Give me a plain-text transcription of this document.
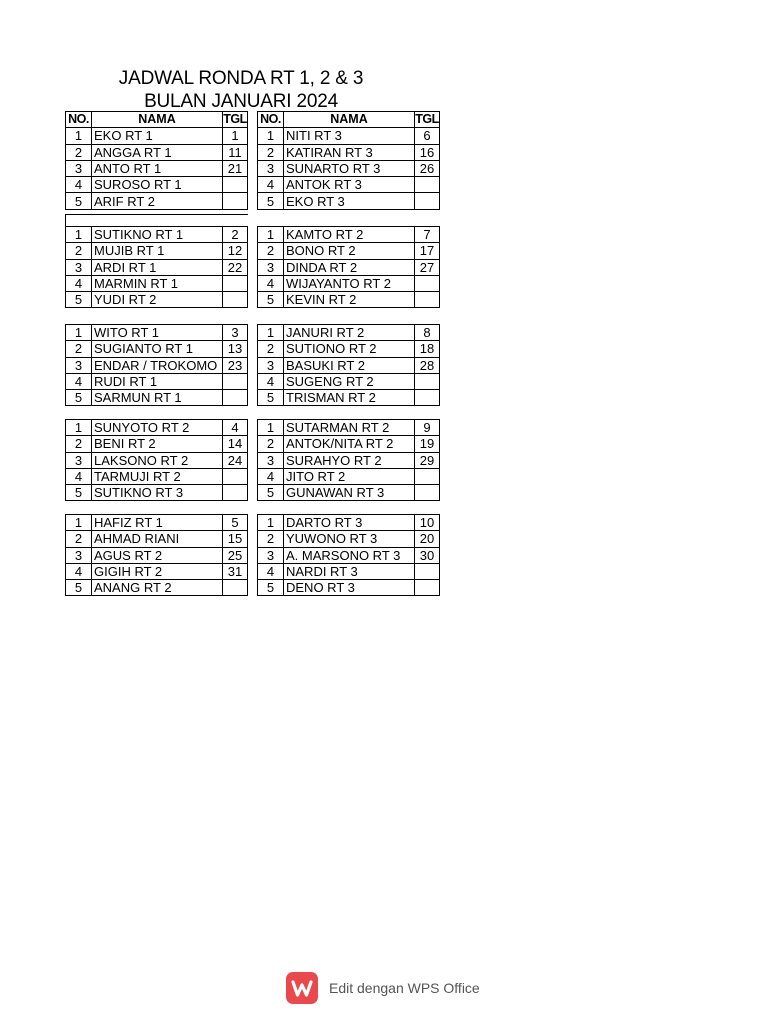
JADWAL RONDA RT 1, 2 & 3
BULAN JANUARI 2024
NO.	NAMA	TGL
1	EKO RT 1	1
2	ANGGA RT 1	11
3	ANTO RT 1	21
4	SUROSO RT 1	
5	ARIF RT 2	
NO.	NAMA	TGL
1	NITI RT 3	6
2	KATIRAN RT 3	16
3	SUNARTO RT 3	26
4	ANTOK RT 3	
5	EKO RT 3	
1	SUTIKNO RT 1	2
2	MUJIB RT 1	12
3	ARDI RT 1	22
4	MARMIN RT 1	
5	YUDI RT 2	
1	KAMTO RT 2	7
2	BONO RT 2	17
3	DINDA RT 2	27
4	WIJAYANTO RT 2	
5	KEVIN RT 2	
1	WITO RT 1	3
2	SUGIANTO RT 1	13
3	ENDAR / TROKOMO	23
4	RUDI RT 1	
5	SARMUN RT 1	
1	JANURI RT 2	8
2	SUTIONO RT 2	18
3	BASUKI RT 2	28
4	SUGENG RT 2	
5	TRISMAN RT 2	
1	SUNYOTO RT 2	4
2	BENI RT 2	14
3	LAKSONO RT 2	24
4	TARMUJI RT 2	
5	SUTIKNO RT 3	
1	SUTARMAN RT 2	9
2	ANTOK/NITA RT 2	19
3	SURAHYO RT 2	29
4	JITO RT 2	
5	GUNAWAN RT 3	
1	HAFIZ RT 1	5
2	AHMAD RIANI	15
3	AGUS RT 2	25
4	GIGIH RT 2	31
5	ANANG RT 2	
1	DARTO RT 3	10
2	YUWONO RT 3	20
3	A. MARSONO RT 3	30
4	NARDI RT 3	
5	DENO RT 3	
Edit dengan WPS Office
